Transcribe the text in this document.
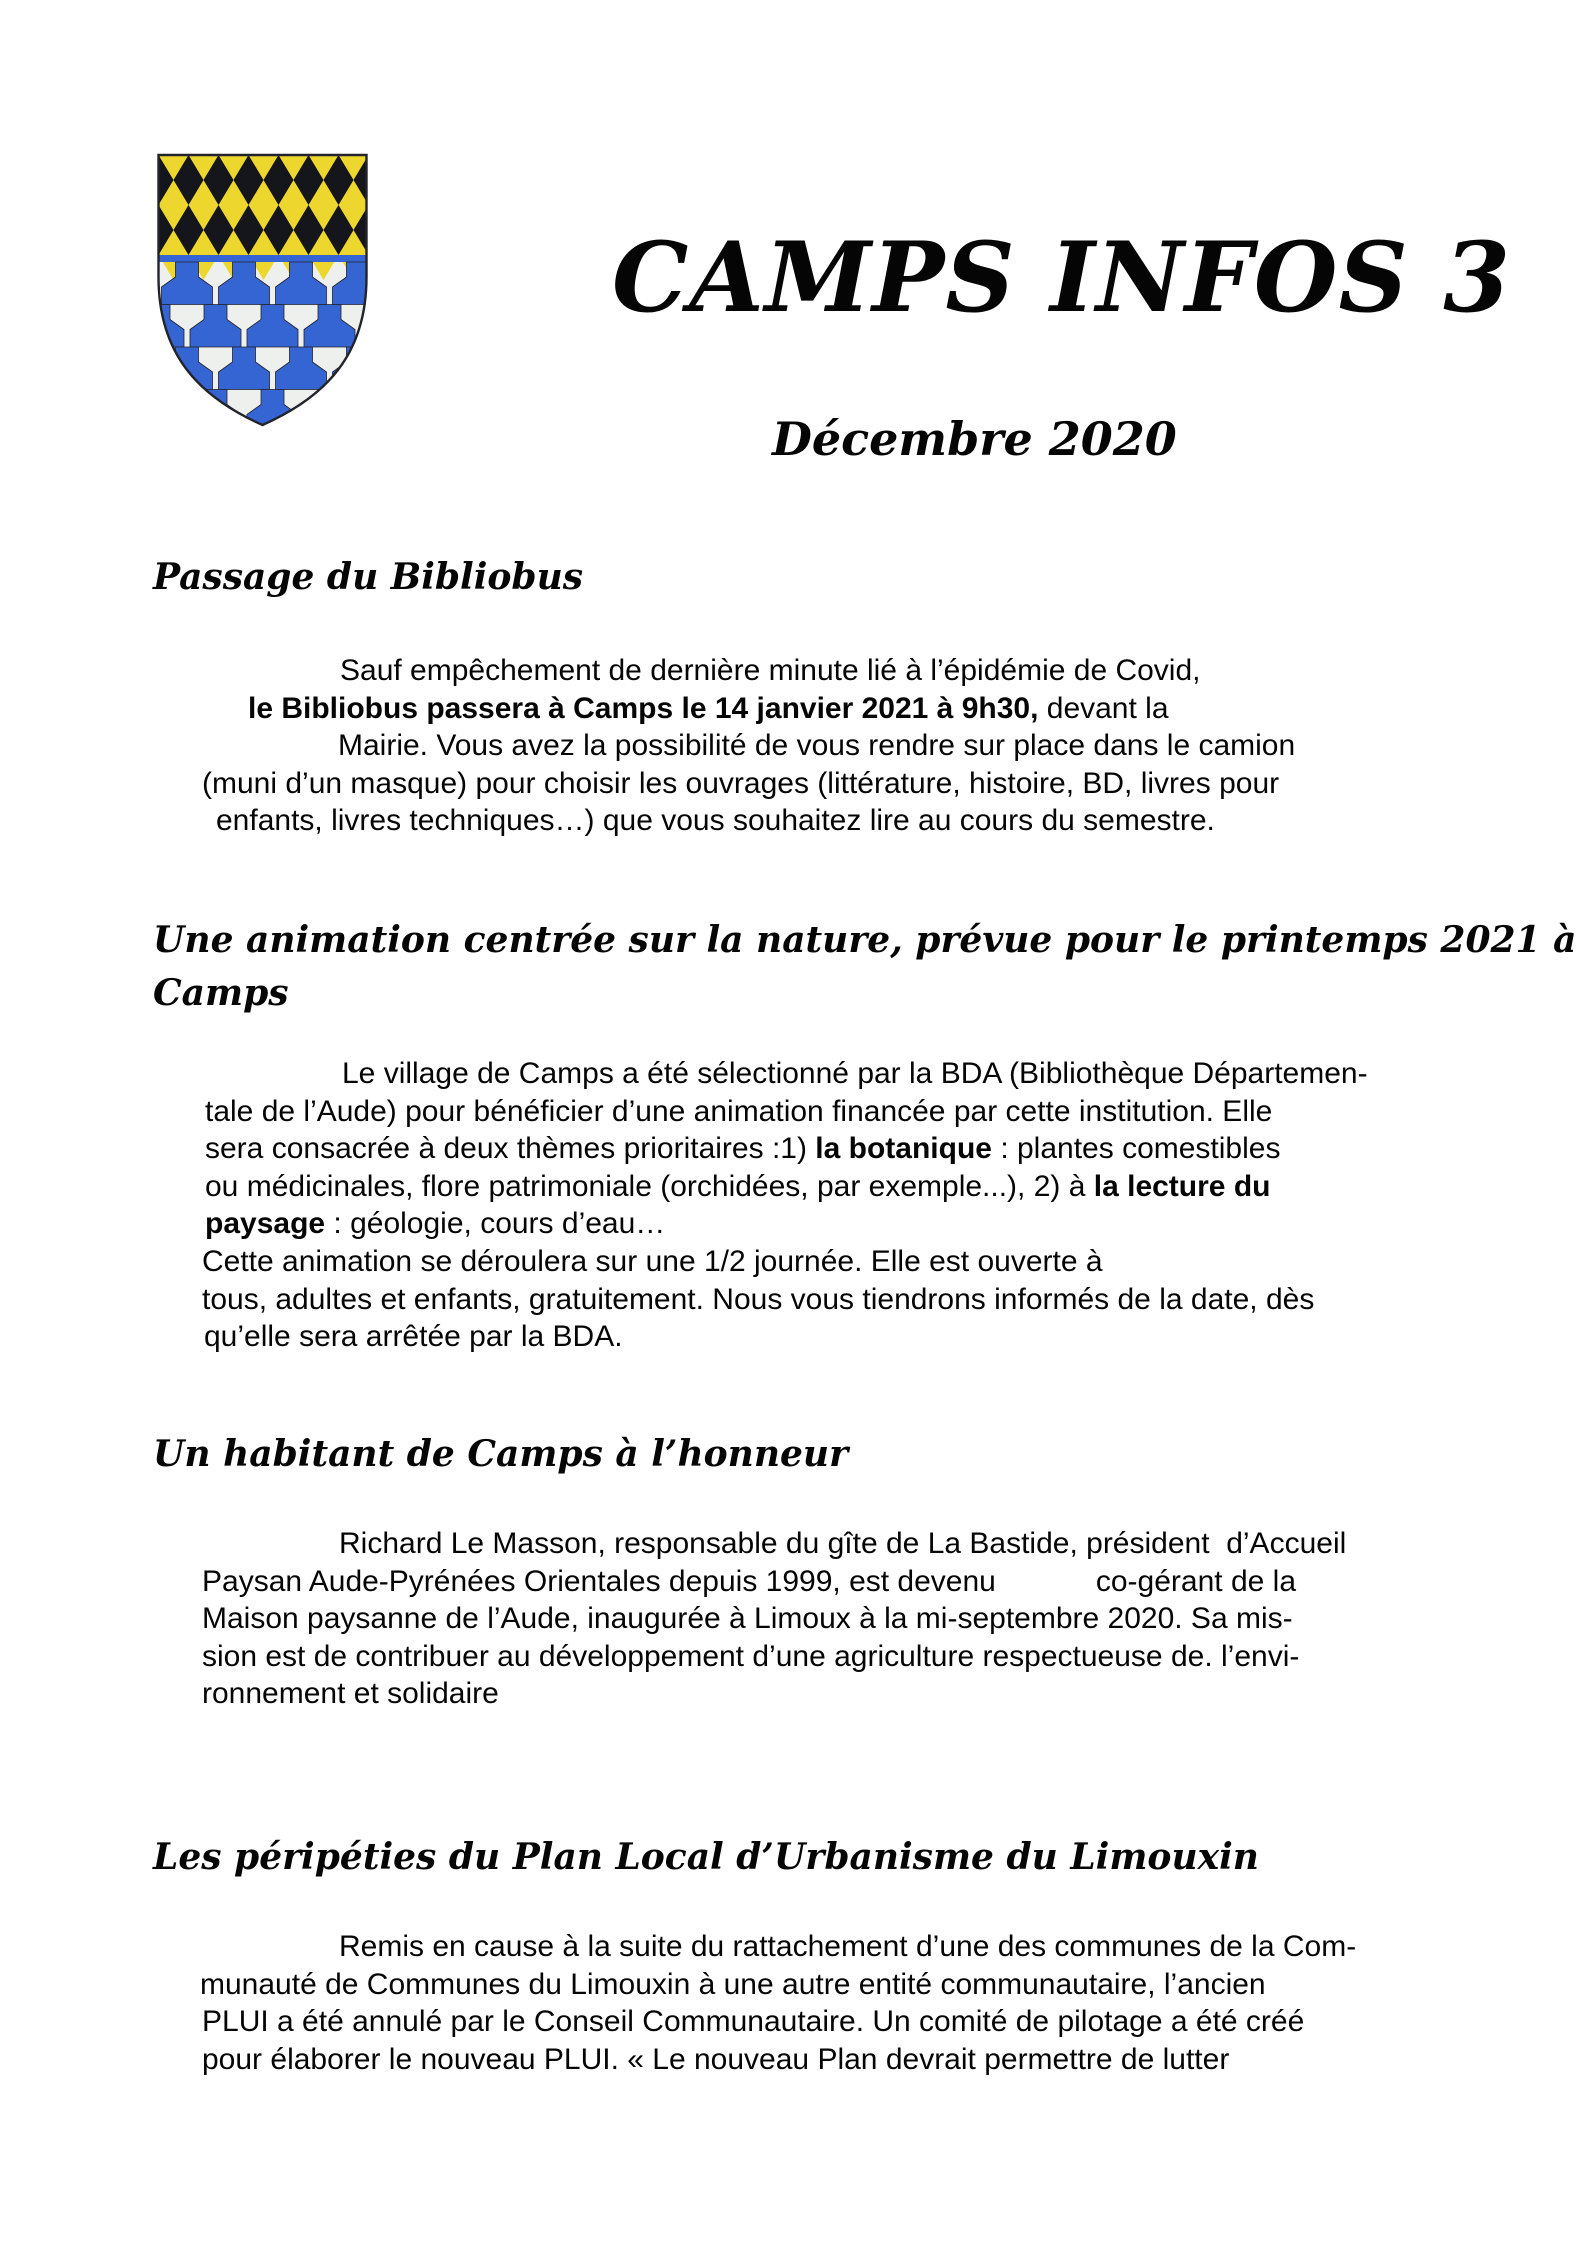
CAMPS INFOS 3
Décembre 2020
Passage du Bibliobus
Sauf empêchement de dernière minute lié à l’épidémie de Covid,
le Bibliobus passera à Camps le 14 janvier 2021 à 9h30, devant la
Mairie. Vous avez la possibilité de vous rendre sur place dans le camion
(muni d’un masque) pour choisir les ouvrages (littérature, histoire, BD, livres pour
enfants, livres techniques…) que vous souhaitez lire au cours du semestre.
Une animation centrée sur la nature, prévue pour le printemps 2021 à
Camps
Le village de Camps a été sélectionné par la BDA (Bibliothèque Départemen-
tale de l’Aude) pour bénéficier d’une animation financée par cette institution. Elle
sera consacrée à deux thèmes prioritaires :1) la botanique : plantes comestibles
ou médicinales, flore patrimoniale (orchidées, par exemple...), 2) à la lecture du
paysage : géologie, cours d’eau…
Cette animation se déroulera sur une 1/2 journée. Elle est ouverte à
tous, adultes et enfants, gratuitement. Nous vous tiendrons informés de la date, dès
qu’elle sera arrêtée par la BDA.
Un habitant de Camps à l’honneur
Richard Le Masson, responsable du gîte de La Bastide, président  d’Accueil
Paysan Aude-Pyrénées Orientales depuis 1999, est devenu            co-gérant de la
Maison paysanne de l’Aude, inaugurée à Limoux à la mi-septembre 2020. Sa mis-
sion est de contribuer au développement d’une agriculture respectueuse de. l’envi-
ronnement et solidaire
Les péripéties du Plan Local d’Urbanisme du Limouxin
Remis en cause à la suite du rattachement d’une des communes de la Com-
munauté de Communes du Limouxin à une autre entité communautaire, l’ancien
PLUI a été annulé par le Conseil Communautaire. Un comité de pilotage a été créé
pour élaborer le nouveau PLUI. « Le nouveau Plan devrait permettre de lutter
